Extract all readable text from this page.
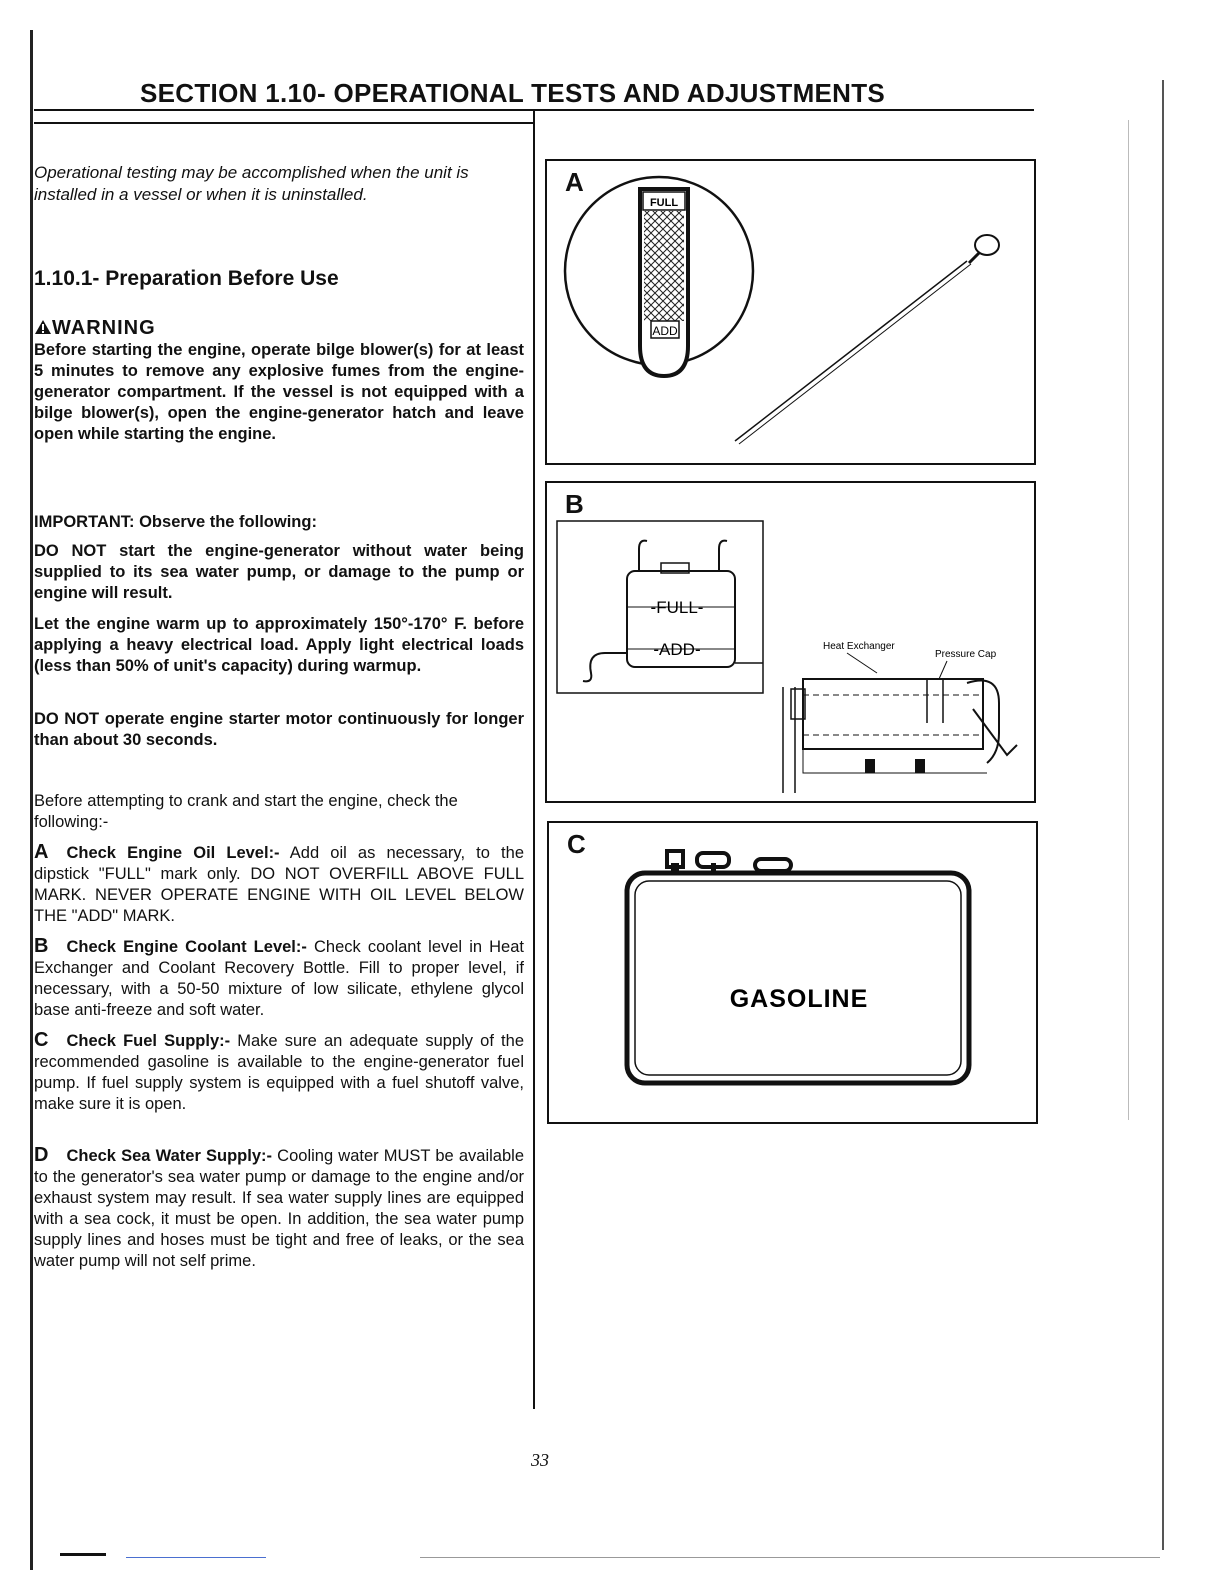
SECTION 1.10- OPERATIONAL TESTS AND ADJUSTMENTS
Operational testing may be accomplished when the unit is installed in a vessel or when it is uninstalled.
1.10.1- Preparation Before Use
WARNING
Before starting the engine, operate bilge blower(s) for at least 5 minutes to remove any explosive fumes from the engine-generator compartment. If the vessel is not equipped with a bilge blower(s), open the engine-generator hatch and leave open while starting the engine.
IMPORTANT: Observe the following:
DO NOT start the engine-generator without water being supplied to its sea water pump, or damage to the pump or engine will result.
Let the engine warm up to approximately 150°-170° F. before applying a heavy electrical load. Apply light electrical loads (less than 50% of unit's capacity) during warmup.
DO NOT operate engine starter motor continuously for longer than about 30 seconds.
Before attempting to crank and start the engine, check the following:-
A Check Engine Oil Level:- Add oil as necessary, to the dipstick "FULL" mark only. DO NOT OVERFILL ABOVE FULL MARK. NEVER OPERATE ENGINE WITH OIL LEVEL BELOW THE "ADD" MARK.
B Check Engine Coolant Level:- Check coolant level in Heat Exchanger and Coolant Recovery Bottle. Fill to proper level, if necessary, with a 50-50 mixture of low silicate, ethylene glycol base anti-freeze and soft water.
C Check Fuel Supply:- Make sure an adequate supply of the recommended gasoline is available to the engine-generator fuel pump. If fuel supply system is equipped with a fuel shutoff valve, make sure it is open.
D Check Sea Water Supply:- Cooling water MUST be available to the generator's sea water pump or damage to the engine and/or exhaust system may result. If sea water supply lines are equipped with a sea cock, it must be open. In addition, the sea water pump supply lines and hoses must be tight and free of leaks, or the sea water pump will not self prime.
FULL
ADD
A
-FULL-
-ADD-	Heat Exchanger
Pressure Cap
B
GASOLINE
C
33
